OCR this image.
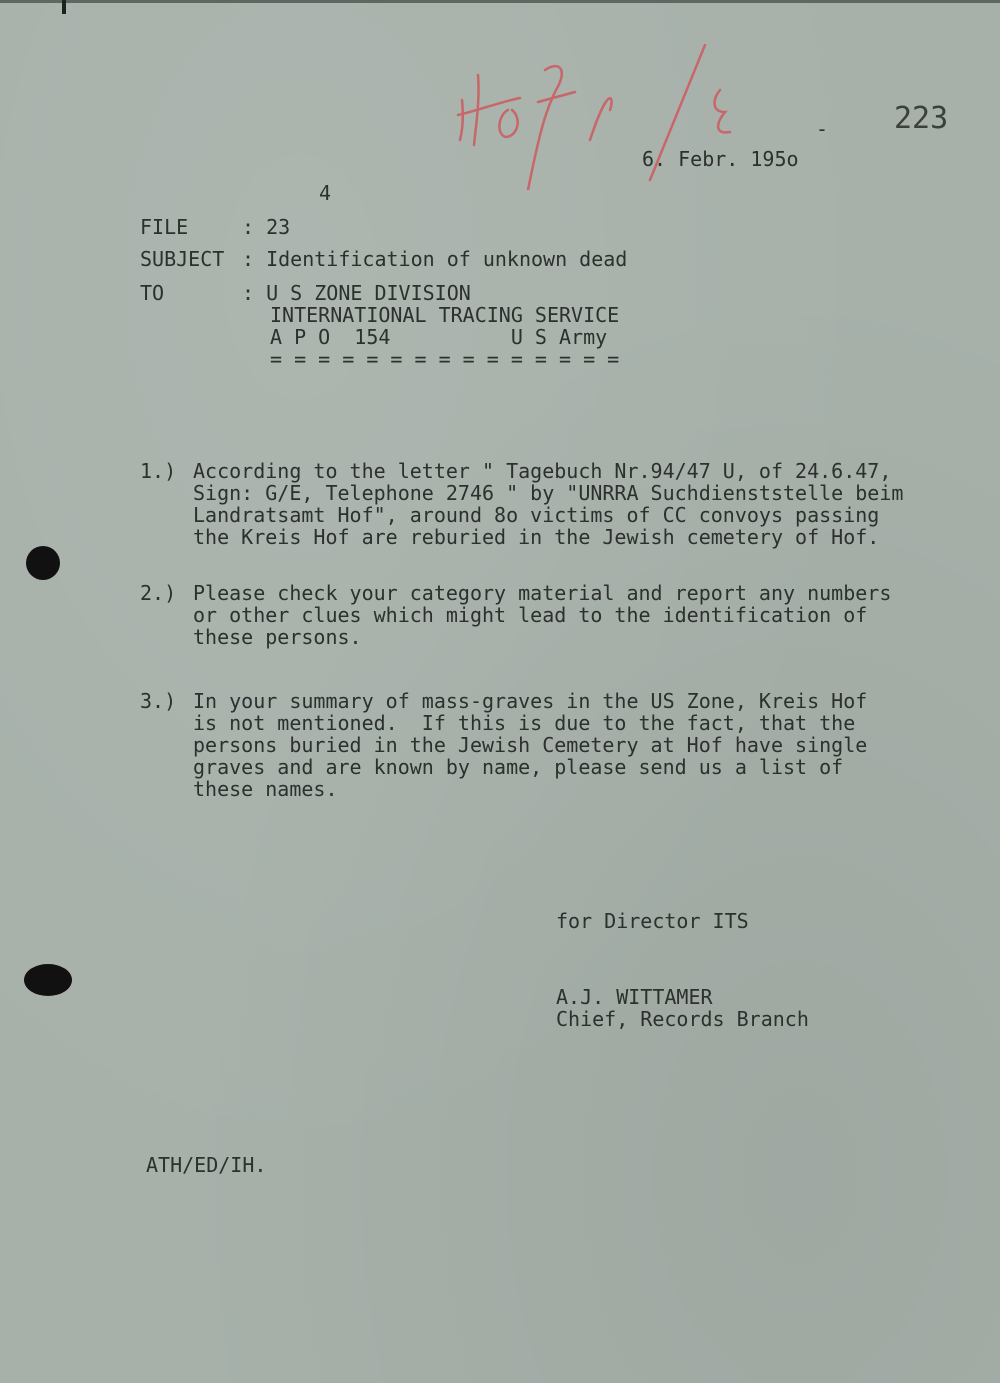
223
-
6. Febr. 195o
4
FILE	: 23
SUBJECT : Identification of unknown dead
TO	: U S ZONE DIVISION
INTERNATIONAL TRACING SERVICE
A P O  154          U S Army
= = = = = = = = = = = = = = =
1.) According to the letter " Tagebuch Nr.94/47 U, of 24.6.47,
Sign: G/E, Telephone 2746 " by "UNRRA Suchdienststelle beim
Landratsamt Hof", around 8o victims of CC convoys passing
the Kreis Hof are reburied in the Jewish cemetery of Hof.
2.) Please check your category material and report any numbers
or other clues which might lead to the identification of
these persons.
3.) In your summary of mass-graves in the US Zone, Kreis Hof
is not mentioned.  If this is due to the fact, that the
persons buried in the Jewish Cemetery at Hof have single
graves and are known by name, please send us a list of
these names.
for Director ITS
A.J. WITTAMER
Chief, Records Branch
ATH/ED/IH.
